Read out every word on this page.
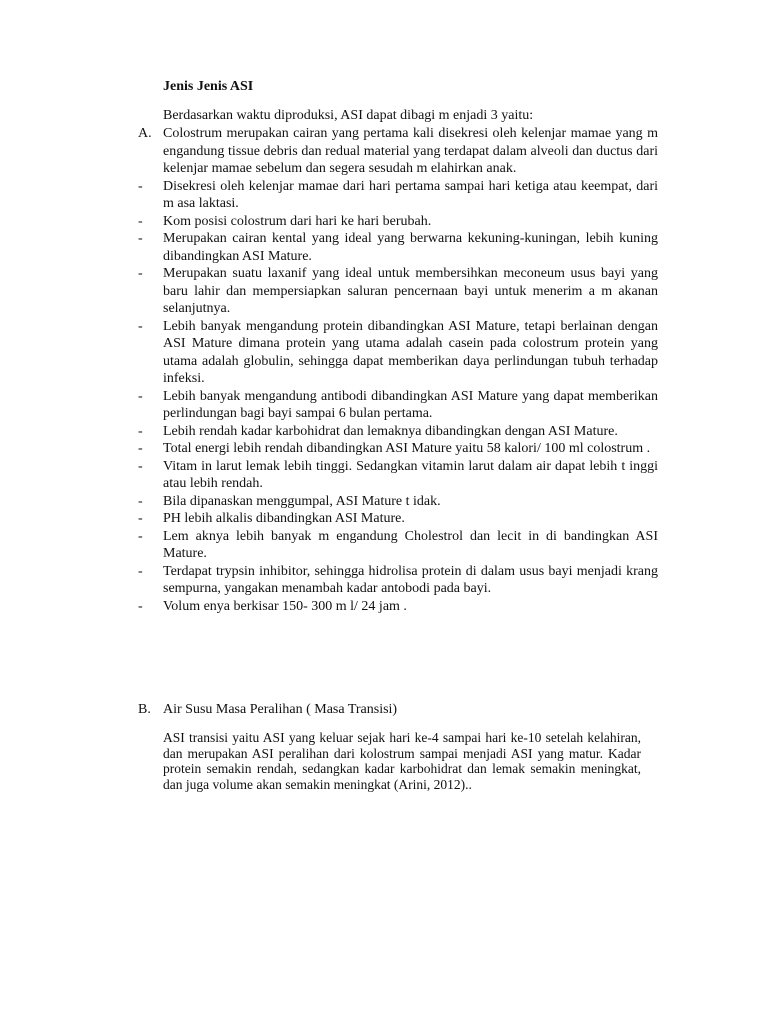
Jenis Jenis ASI

Berdasarkan waktu diproduksi, ASI dapat dibagi m enjadi 3 yaitu:

A. Colostrum merupakan cairan yang pertama kali disekresi oleh kelenjar mamae yang m engandung tissue debris dan redual material yang terdapat dalam alveoli dan ductus dari kelenjar mamae sebelum dan segera sesudah m elahirkan anak.
- Disekresi oleh kelenjar mamae dari hari pertama sampai hari ketiga atau keempat, dari m asa laktasi.
- Kom posisi colostrum dari hari ke hari berubah.
- Merupakan cairan kental yang ideal yang berwarna kekuning-kuningan, lebih kuning dibandingkan ASI Mature.
- Merupakan suatu laxanif yang ideal untuk membersihkan meconeum usus bayi yang baru lahir dan mempersiapkan saluran pencernaan bayi untuk menerim a m akanan selanjutnya.
- Lebih banyak mengandung protein dibandingkan ASI Mature, tetapi berlainan dengan ASI Mature dimana protein yang utama adalah casein pada colostrum protein yang utama adalah globulin, sehingga dapat memberikan daya perlindungan tubuh terhadap infeksi.
- Lebih banyak mengandung antibodi dibandingkan ASI Mature yang dapat memberikan perlindungan bagi bayi sampai 6 bulan pertama.
- Lebih rendah kadar karbohidrat dan lemaknya dibandingkan dengan ASI Mature.
- Total energi lebih rendah dibandingkan ASI Mature yaitu 58 kalori/ 100 ml colostrum .
- Vitam in larut lemak lebih tinggi. Sedangkan vitamin larut dalam air dapat lebih t inggi atau lebih rendah.
- Bila dipanaskan menggumpal, ASI Mature t idak.
- PH lebih alkalis dibandingkan ASI Mature.
- Lem aknya lebih banyak m engandung Cholestrol dan lecit in di bandingkan ASI Mature.
- Terdapat trypsin inhibitor, sehingga hidrolisa protein di dalam usus bayi menjadi krang sempurna, yangakan menambah kadar antobodi pada bayi.
- Volum enya berkisar 150- 300 m l/ 24 jam .
B. Air Susu Masa Peralihan ( Masa Transisi)

ASI transisi yaitu ASI yang keluar sejak hari ke-4 sampai hari ke-10 setelah kelahiran, dan merupakan ASI peralihan dari kolostrum sampai menjadi ASI yang matur. Kadar protein semakin rendah, sedangkan kadar karbohidrat dan lemak semakin meningkat, dan juga volume akan semakin meningkat (Arini, 2012)..
